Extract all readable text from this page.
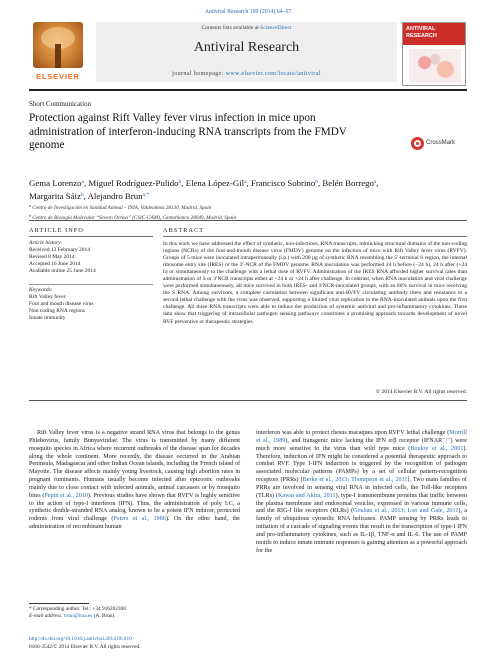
Antiviral Research 109 (2014) 64–67
ELSEVIER
Contents lists available at ScienceDirect
Antiviral Research
journal homepage: www.elsevier.com/locate/antiviral
ANTIVIRAL RESEARCH
Short Communication
Protection against Rift Valley fever virus infection in mice upon administration of interferon-inducing RNA transcripts from the FMDV genome	CrossMark
Gema Lorenzo$^a$, Miguel Rodríguez-Pulido$^b$, Elena López-Gil$^a$, Francisco Sobrino$^b$, Belén Borrego$^a$,
Margarita Sáiz$^b$, Alejandro Brun$^{a,*}$
$^a$ Centro de Investigación en Sanidad Animal – INIA, Valdeolmos 28130, Madrid, Spain
$^b$ Centro de Biología Molecular “Severo Ochoa” (CSIC-UAM), Cantoblanco 28049, Madrid, Spain
ARTICLE INFO	ABSTRACT
Article history:
Received 13 February 2014
Revised 8 May 2014
Accepted 16 June 2014
Available online 25 June 2014
Keywords:
Rift Valley fever
Foot and mouth disease virus
Non coding RNA regions
Innate immunity
In this work we have addressed the effect of synthetic, non-infectious, RNA transcripts, mimicking structural domains of the non-coding regions (NCRs) of the foot-and-mouth disease virus (FMDV) genome on the infection of mice with Rift Valley fever virus (RVFV). Groups of 5 mice were inoculated intraperitoneally (i.p.) with 200 μg of synthetic RNA resembling the 5′-terminal S region, the internal ribosome entry site (IRES) or the 3′-NCR of the FMDV genome. RNA inoculation was performed 24 h before (−24 h), 24 h after (+24 h) or simultaneously to the challenge with a lethal dose of RVFV. Administration of the IRES RNA afforded higher survival rates than administration of S or 3′NCR transcripts either at −24 h or +24 h after challenge. In contrast, when RNA inoculation and viral challenge were performed simultaneously, all mice survived in both IRES- and 3′NCR-inoculated groups, with an 80% survival in mice receiving the S RNA. Among survivors, a complete correlation between significant anti-RVFV circulating antibody titers and resistance to a second lethal challenge with the virus was observed, supporting a limited viral replication in the RNA-inoculated animals upon the first challenge. All three RNA transcripts were able to induce the production of systemic antiviral and pro-inflammatory cytokines. These data show that triggering of intracellular pathogen sensing pathways constitutes a promising approach towards development of novel RVF preventive or therapeutic strategies.
© 2014 Elsevier B.V. All rights reserved.
Rift Valley fever virus is a negative strand RNA virus that belongs to the genus Phlebovirus, family Bunyaviridae. The virus is transmitted by many different mosquito species in Africa where recurrent outbreaks of the disease span for decades along the whole continent. More recently, the disease occurred in the Arabian Peninsula, Madagascar and other Indian Ocean islands, including the French island of Mayotte. The disease affects mainly young livestock, causing high abortion rates in pregnant ruminants. Humans usually become infected after epizootic outbreaks mainly due to close contact with infected animals, animal carcasses or by mosquito bites (Pepin et al., 2010). Previous studies have shown that RVFV is highly sensitive to the action of type-I interferon (IFN). Thus, the administration of poly I:C, a synthetic double-stranded RNA analog, known to be a potent IFN inducer, protected rodents from viral challenge (Peters et al., 1986). On the other hand, the administration of recombinant human
interferon was able to protect rhesus macaques upon RVFV lethal challenge (Morrill et al., 1989), and transgenic mice lacking the IFN α/β receptor (IFNAR⁻/⁻) were much more sensitive to the virus than wild type mice (Bouloy et al., 2001). Therefore, induction of IFN might be considered a potential therapeutic approach to combat RVF. Type I-IFN induction is triggered by the recognition of pathogen associated molecular patterns (PAMPs) by a set of cellular pattern-recognition receptors (PRRs) [Berke et al., 2013; Thompson et al., 2011]. Two main families of PRRs are involved in sensing viral RNA in infected cells, the Toll-like receptors (TLRs) (Kawai and Akira, 2011), type-I transmembrane proteins that traffic between the plasma membrane and endosomal vesicles, expressed in various immune cells, and the RIG-I like receptors (RLRs) (Goubau et al., 2013; Loo and Gale, 2011), a family of ubiquitous cytosolic RNA helicases. PAMP sensing by PRRs leads to initiation of a cascade of signaling events that result in the transcription of type-I IFN and pro-inflammatory cytokines, such as IL-1β, TNF-α and IL-6. The use of PAMP motifs to induce innate immune responses is gaining attention as a powerful approach for the
* Corresponding author. Tel.: +34 916202300.
E-mail address: brun@inia.es (A. Brun).
http://dx.doi.org/10.1016/j.antiviral.2014.06.010
0166-3542/© 2014 Elsevier B.V. All rights reserved.
